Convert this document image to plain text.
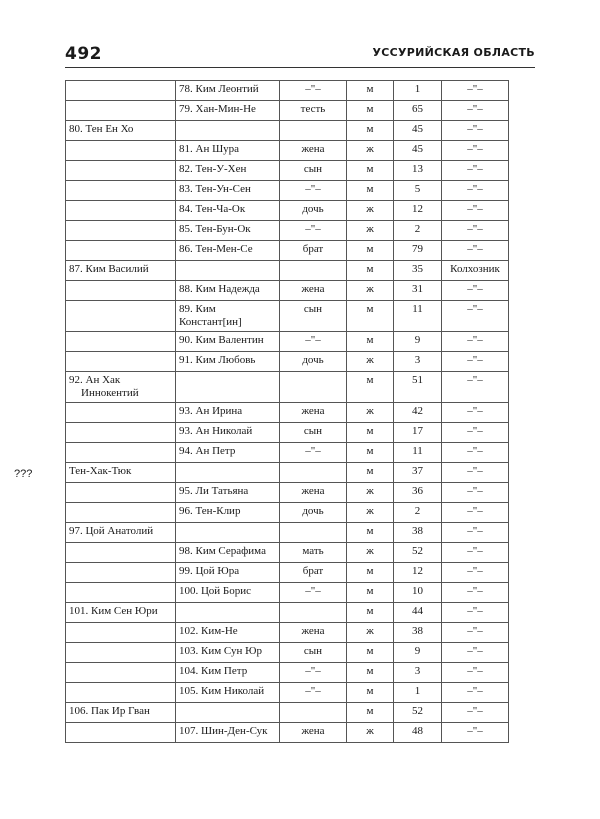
492	УССУРИЙСКАЯ ОБЛАСТЬ
???
	78. Ким Леонтий	–"–	м	1	–"–
	79. Хан-Мин-Не	тесть	м	65	–"–
80. Тен Ен Хо			м	45	–"–
	81. Ан Шура	жена	ж	45	–"–
	82. Тен-У-Хен	сын	м	13	–"–
	83. Тен-Ун-Сен	–"–	м	5	–"–
	84. Тен-Ча-Ок	дочь	ж	12	–"–
	85. Тен-Бун-Ок	–"–	ж	2	–"–
	86. Тен-Мен-Се	брат	м	79	–"–
87. Ким Василий			м	35	Колхозник
	88. Ким Надежда	жена	ж	31	–"–
	89. Ким
Констант[ин]	сын	м	11	–"–
	90. Ким Валентин	–"–	м	9	–"–
	91. Ким Любовь	дочь	ж	3	–"–
92. Ан Хак
Иннокентий			м	51	–"–
	93. Ан Ирина	жена	ж	42	–"–
	93. Ан Николай	сын	м	17	–"–
	94. Ан Петр	–"–	м	11	–"–
Тен-Хак-Тюк			м	37	–"–
	95. Ли Татьяна	жена	ж	36	–"–
	96. Тен-Клир	дочь	ж	2	–"–
97. Цой Анатолий			м	38	–"–
	98. Ким Серафима	мать	ж	52	–"–
	99. Цой Юра	брат	м	12	–"–
	100. Цой Борис	–"–	м	10	–"–
101. Ким Сен Юри			м	44	–"–
	102. Ким-Не	жена	ж	38	–"–
	103. Ким Сун Юр	сын	м	9	–"–
	104. Ким Петр	–"–	м	3	–"–
	105. Ким Николай	–"–	м	1	–"–
106. Пак Ир Гван			м	52	–"–
	107. Шин-Ден-Сук	жена	ж	48	–"–
